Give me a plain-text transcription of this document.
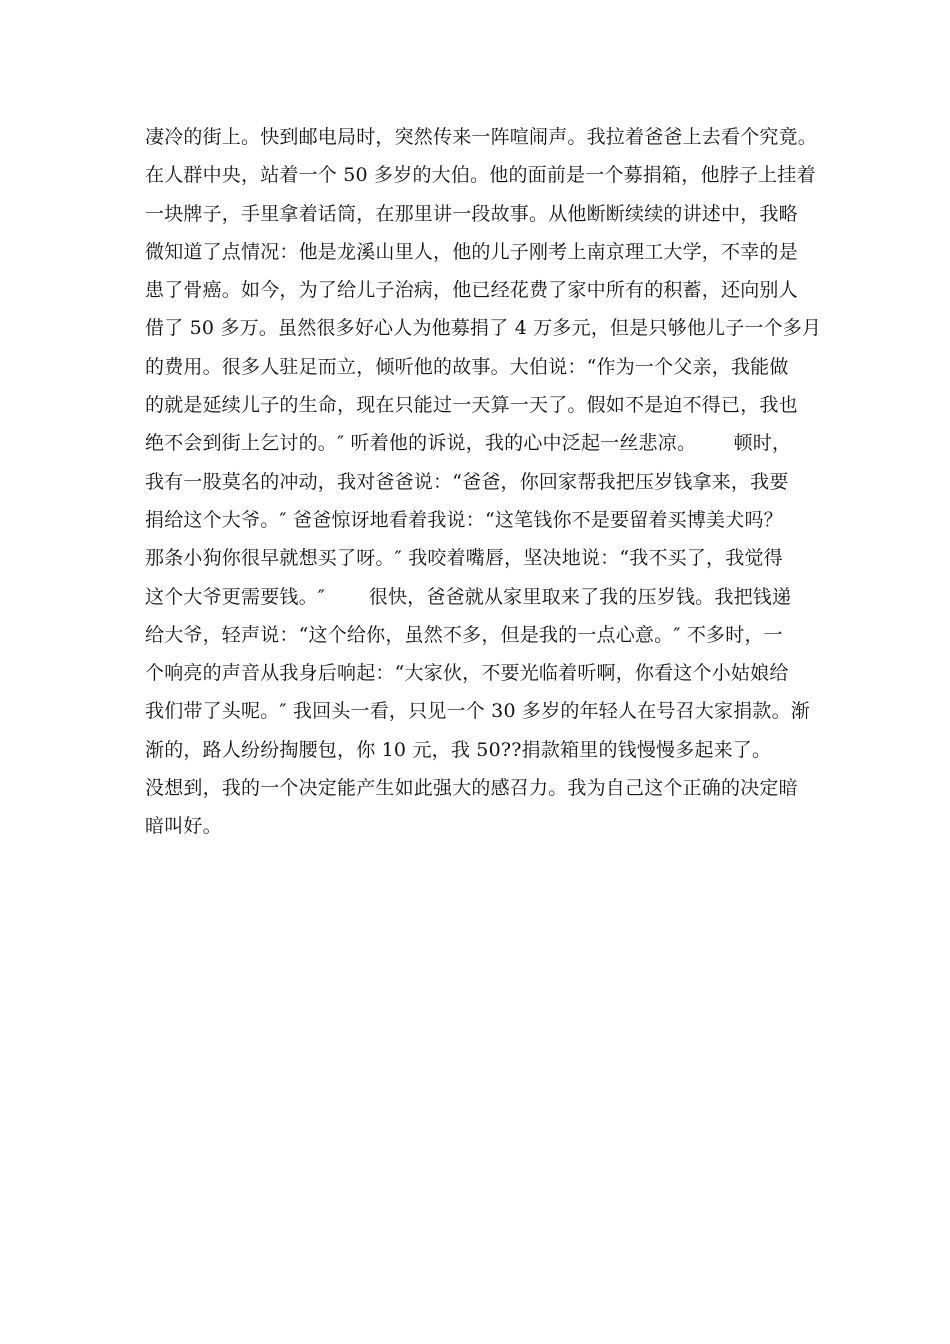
凄冷的街上。快到邮电局时，突然传来一阵喧闹声。我拉着爸爸上去看个究竟。
在人群中央，站着一个 50 多岁的大伯。他的面前是一个募捐箱，他脖子上挂着
一块牌子，手里拿着话筒，在那里讲一段故事。从他断断续续的讲述中，我略
微知道了点情况：他是龙溪山里人，他的儿子刚考上南京理工大学，不幸的是
患了骨癌。如今，为了给儿子治病，他已经花费了家中所有的积蓄，还向别人
借了 50 多万。虽然很多好心人为他募捐了 4 万多元，但是只够他儿子一个多月
的费用。很多人驻足而立，倾听他的故事。大伯说：“作为一个父亲，我能做
的就是延续儿子的生命，现在只能过一天算一天了。假如不是迫不得已，我也
绝不会到街上乞讨的。″ 听着他的诉说，我的心中泛起一丝悲凉。      顿时，
我有一股莫名的冲动，我对爸爸说：“爸爸，你回家帮我把压岁钱拿来，我要
捐给这个大爷。″ 爸爸惊讶地看着我说：“这笔钱你不是要留着买博美犬吗？
那条小狗你很早就想买了呀。″ 我咬着嘴唇，坚决地说：“我不买了，我觉得
这个大爷更需要钱。″       很快，爸爸就从家里取来了我的压岁钱。我把钱递
给大爷，轻声说：“这个给你，虽然不多，但是我的一点心意。″ 不多时，一
个响亮的声音从我身后响起：“大家伙，不要光临着听啊，你看这个小姑娘给
我们带了头呢。″ 我回头一看，只见一个 30 多岁的年轻人在号召大家捐款。渐
渐的，路人纷纷掏腰包，你 10 元，我 50??捐款箱里的钱慢慢多起来了。
没想到，我的一个决定能产生如此强大的感召力。我为自己这个正确的决定暗
暗叫好。
